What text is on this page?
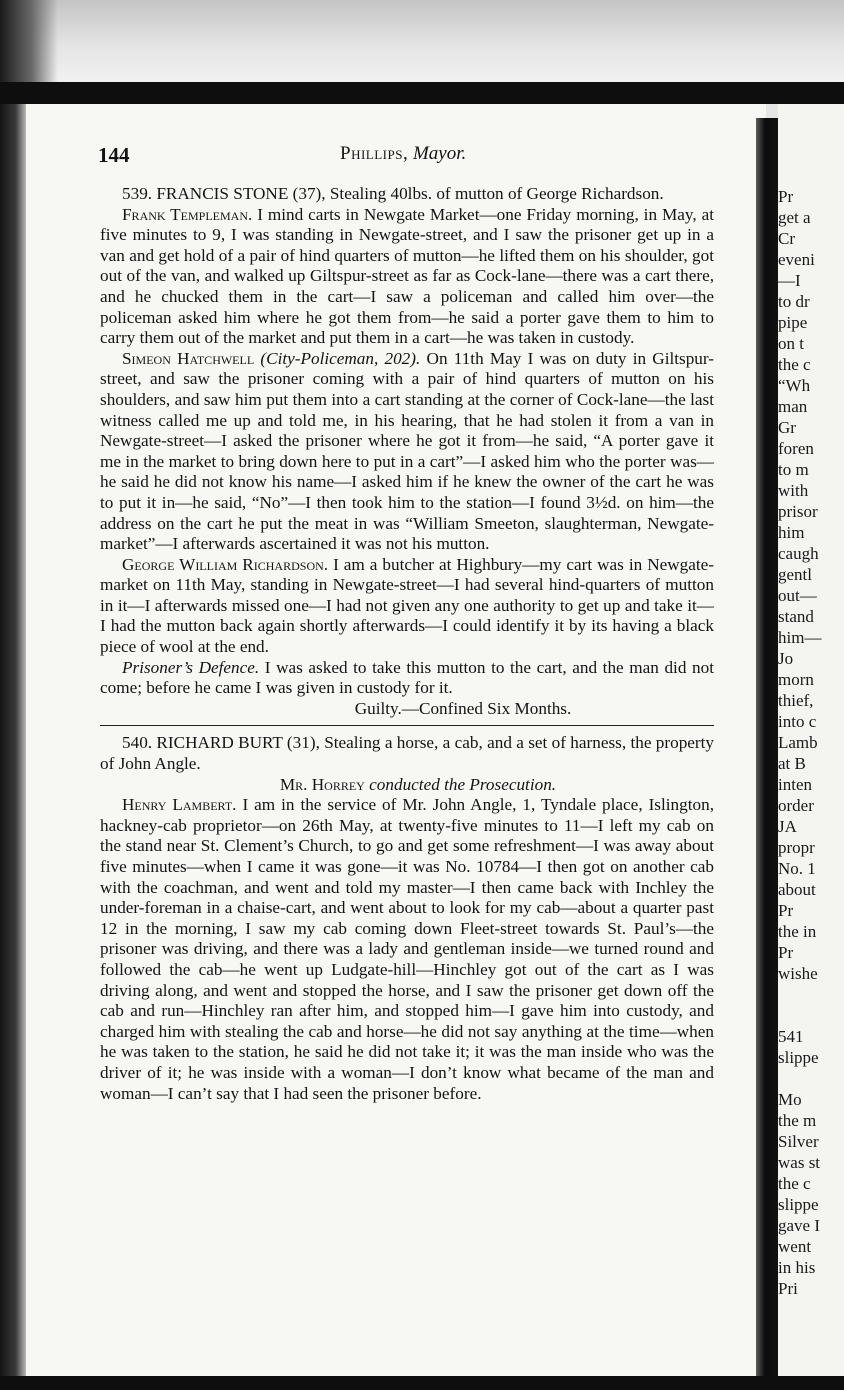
Pr
get a
Cr
eveni
—I
to dr
pipe
on t
the c
“Wh
man
Gr
foren
to m
with
prisor
him
caugh
gentl
out—
stand
him—
Jo
morn
thief,
into c
Lamb
at B
inten
order
JA
propr
No. 1
about
Pr
the in
Pr
wishe
541
slippe
Mo
the m
Silver
was st
the c
slippe
gave I
went
in his
Pri
144	Phillips, Mayor.

539. FRANCIS STONE (37), Stealing 40lbs. of mutton of George Richardson.

Frank Templeman. I mind carts in Newgate Market—one Friday morning, in May, at five minutes to 9, I was standing in Newgate-street, and I saw the prisoner get up in a van and get hold of a pair of hind quarters of mutton—he lifted them on his shoulder, got out of the van, and walked up Giltspur-street as far as Cock-lane—there was a cart there, and he chucked them in the cart—I saw a policeman and called him over—the policeman asked him where he got them from—he said a porter gave them to him to carry them out of the market and put them in a cart—he was taken in custody.

Simeon Hatchwell (City-Policeman, 202). On 11th May I was on duty in Giltspur-street, and saw the prisoner coming with a pair of hind quarters of mutton on his shoulders, and saw him put them into a cart standing at the corner of Cock-lane—the last witness called me up and told me, in his hearing, that he had stolen it from a van in Newgate-street—I asked the prisoner where he got it from—he said, “A porter gave it me in the market to bring down here to put in a cart”—I asked him who the porter was—he said he did not know his name—I asked him if he knew the owner of the cart he was to put it in—he said, “No”—I then took him to the station—I found 3½d. on him—the address on the cart he put the meat in was “William Smeeton, slaughterman, Newgate-market”—I afterwards ascertained it was not his mutton.

George William Richardson. I am a butcher at Highbury—my cart was in Newgate-market on 11th May, standing in Newgate-street—I had several hind-quarters of mutton in it—I afterwards missed one—I had not given any one authority to get up and take it—I had the mutton back again shortly afterwards—I could identify it by its having a black piece of wool at the end.

Prisoner’s Defence. I was asked to take this mutton to the cart, and the man did not come; before he came I was given in custody for it.

Guilty.—Confined Six Months.

540. RICHARD BURT (31), Stealing a horse, a cab, and a set of harness, the property of John Angle.

Mr. Horrey conducted the Prosecution.

Henry Lambert. I am in the service of Mr. John Angle, 1, Tyndale place, Islington, hackney-cab proprietor—on 26th May, at twenty-five minutes to 11—I left my cab on the stand near St. Clement’s Church, to go and get some refreshment—I was away about five minutes—when I came it was gone—it was No. 10784—I then got on another cab with the coachman, and went and told my master—I then came back with Inchley the under-foreman in a chaise-cart, and went about to look for my cab—about a quarter past 12 in the morning, I saw my cab coming down Fleet-street towards St. Paul’s—the prisoner was driving, and there was a lady and gentleman inside—we turned round and followed the cab—he went up Ludgate-hill—Hinchley got out of the cart as I was driving along, and went and stopped the horse, and I saw the prisoner get down off the cab and run—Hinchley ran after him, and stopped him—I gave him into custody, and charged him with stealing the cab and horse—he did not say anything at the time—when he was taken to the station, he said he did not take it; it was the man inside who was the driver of it; he was inside with a woman—I don’t know what became of the man and woman—I can’t say that I had seen the prisoner before.
